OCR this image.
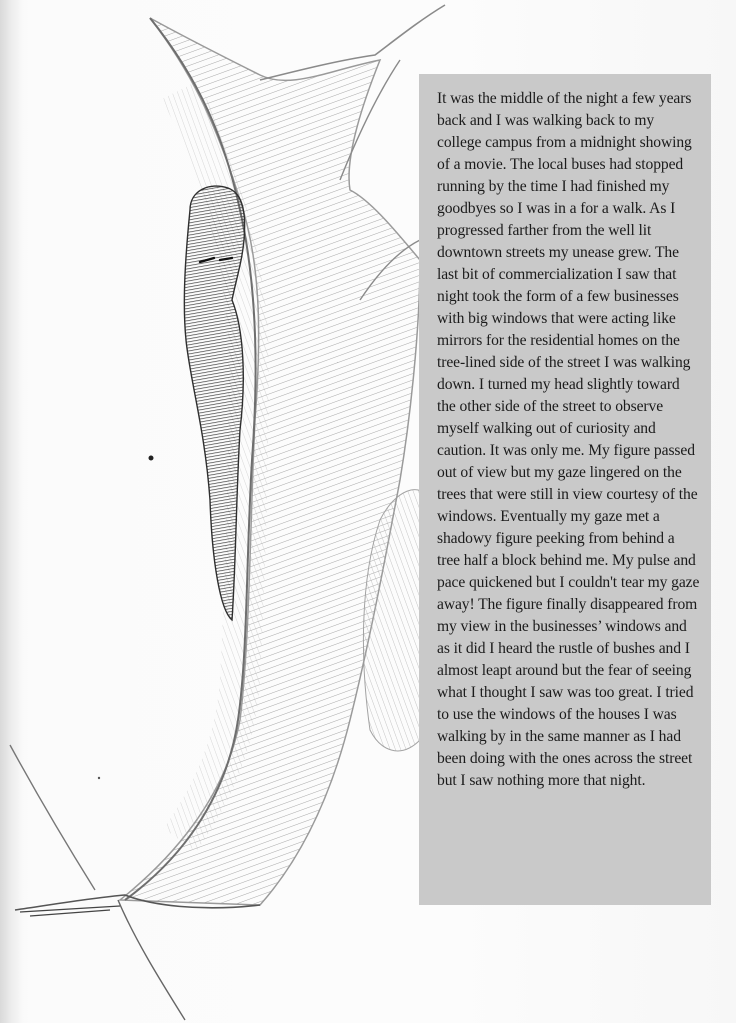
It was the middle of the night a few years back and I was walking back to my college campus from a midnight showing of a movie. The local buses had stopped running by the time I had finished my goodbyes so I was in a for a walk. As I progressed farther from the well lit downtown streets my unease grew. The last bit of commercialization I saw that night took the form of a few businesses with big windows that were acting like mirrors for the residential homes on the tree-lined side of the street I was walking down. I turned my head slightly toward the other side of the street to observe myself walking out of curiosity and caution. It was only me. My figure passed out of view but my gaze lingered on the trees that were still in view courtesy of the windows. Eventually my gaze met a shadowy figure peeking from behind a tree half a block behind me. My pulse and pace quickened but I couldn't tear my gaze away! The figure finally disappeared from my view in the businesses’ windows and as it did I heard the rustle of bushes and I almost leapt around but the fear of seeing what I thought I saw was too great. I tried to use the windows of the houses I was walking by in the same manner as I had been doing with the ones across the street but I saw nothing more that night.
